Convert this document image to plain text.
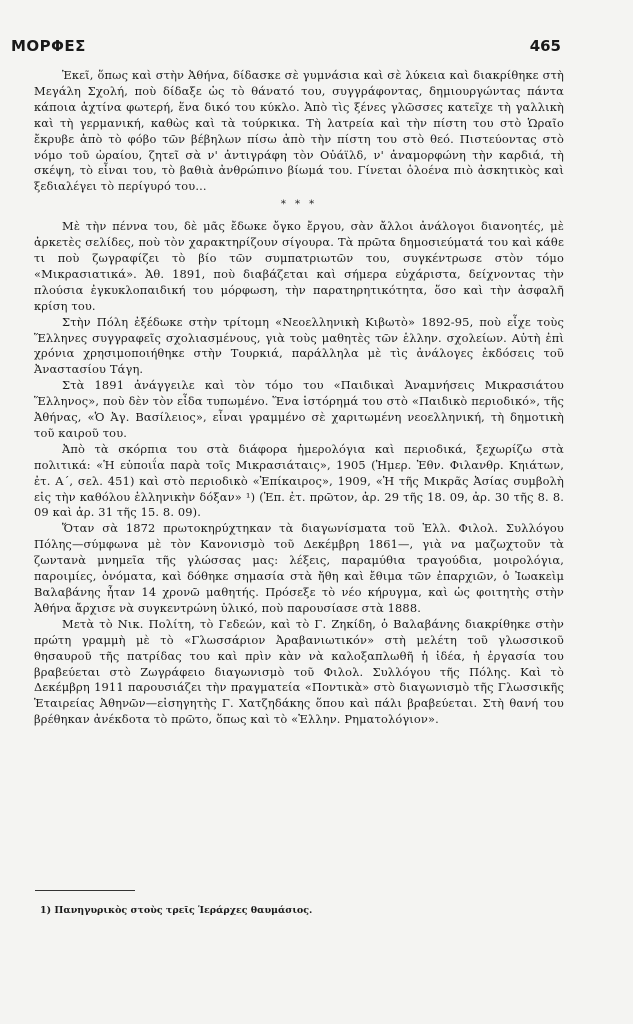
ΜΟΡΦΕΣ	465

Ἐκεῖ, ὅπως καὶ στὴν Ἀθήνα, δίδασκε σὲ γυμνάσια καὶ σὲ λύκεια καὶ διακρίθηκε στὴ Μεγάλη Σχολή, ποὺ δίδαξε ὡς τὸ θάνατό του, συγγράφοντας, δημιουργώντας πάντα κάποια ἀχτίνα φωτερή, ἕνα δικό του κύκλο. Ἀπὸ τὶς ξένες γλῶσσες κατεῖχε τὴ γαλλικὴ καὶ τὴ γερμανική, καθὼς καὶ τὰ τούρκικα. Τὴ λατρεία καὶ τὴν πίστη του στὸ Ὡραῖο ἔκρυβε ἀπὸ τὸ φόβο τῶν βέβηλων πίσω ἀπὸ τὴν πίστη του στὸ θεό. Πιστεύοντας στὸ νόμο τοῦ ὡραίου, ζητεῖ σὰ ν' ἀντιγράφη τὸν Οὐάϊλδ, ν' ἀναμορφώνη τὴν καρδιά, τὴ σκέψη, τὸ εἶναι του, τὸ βαθιὰ ἀνθρώπινο βίωμά του. Γίνεται ὁλοένα πιὸ ἀσκητικὸς καὶ ξεδιαλέγει τὸ περίγυρό του...

* * *

Μὲ τὴν πέννα του, δὲ μᾶς ἔδωκε ὄγκο ἔργου, σὰν ἄλλοι ἀνάλογοι διανοητές, μὲ ἀρκετὲς σελίδες, ποὺ τὸν χαρακτηρίζουν σίγουρα. Τὰ πρῶτα δημοσιεύματά του καὶ κάθε τι ποὺ ζωγραφίζει τὸ βίο τῶν συμπατριωτῶν του, συγκέντρωσε στὸν τόμο «Μικρασιατικά». Ἀθ. 1891, ποὺ διαβάζεται καὶ σήμερα εὐχάριστα, δείχνοντας τὴν πλούσια ἐγκυκλοπαιδική του μόρφωση, τὴν παρατηρητικότητα, ὅσο καὶ τὴν ἀσφαλῆ κρίση του.

Στὴν Πόλη ἐξέδωκε στὴν τρίτομη «Νεοελληνικὴ Κιβωτὸ» 1892-95, ποὺ εἶχε τοὺς Ἕλληνες συγγραφεῖς σχολιασμένους, γιὰ τοὺς μαθητὲς τῶν ἑλλην. σχολείων. Αὐτὴ ἐπὶ χρόνια χρησιμοποιήθηκε στὴν Τουρκιά, παράλληλα μὲ τὶς ἀνάλογες ἐκδόσεις τοῦ Ἀναστασίου Τάγη.

Στὰ 1891 ἀνάγγειλε καὶ τὸν τόμο του «Παιδικαὶ Ἀναμνήσεις Μικρασιάτου Ἕλληνος», ποὺ δὲν τὸν εἶδα τυπωμένο. Ἕνα ἱστόρημά του στὸ «Παιδικὸ περιοδικό», τῆς Ἀθήνας, «Ὁ Ἀγ. Βασίλειος», εἶναι γραμμένο σὲ χαριτωμένη νεοελληνική, τὴ δημοτικὴ τοῦ καιροῦ του.

Ἀπὸ τὰ σκόρπια του στὰ διάφορα ἡμερολόγια καὶ περιοδικά, ξεχωρίζω στὰ πολιτικά: «Ἡ εὐποιΐα παρὰ τοῖς Μικρασιάταις», 1905 (Ἡμερ. Ἐθν. Φιλανθρ. Κηιάτων, ἐτ. Α΄, σελ. 451) καὶ στὸ περιοδικὸ «Ἐπίκαιρος», 1909, «Ἡ τῆς Μικρᾶς Ἀσίας συμβολὴ εἰς τὴν καθόλου ἑλληνικὴν δόξαν» ¹) (Ἐπ. ἐτ. πρῶτον, ἀρ. 29 τῆς 18. 09, ἀρ. 30 τῆς 8. 8. 09 καὶ ἀρ. 31 τῆς 15. 8. 09).

Ὅταν σὰ 1872 πρωτοκηρύχτηκαν τὰ διαγωνίσματα τοῦ Ἑλλ. Φιλολ. Συλλόγου Πόλης—σύμφωνα μὲ τὸν Κανονισμὸ τοῦ Δεκέμβρη 1861—, γιὰ να μαζωχτοῦν τὰ ζωντανὰ μνημεῖα τῆς γλώσσας μας: λέξεις, παραμύθια τραγούδια, μοιρολόγια, παροιμίες, ὀνόματα, καὶ δόθηκε σημασία στὰ ἤθη καὶ ἔθιμα τῶν ἐπαρχιῶν, ὁ Ἰωακεὶμ Βαλαβάνης ἦταν 14 χρονῶ μαθητής. Πρόσεξε τὸ νέο κήρυγμα, καὶ ὡς φοιτητὴς στὴν Ἀθήνα ἄρχισε νὰ συγκεντρώνη ὑλικό, ποὺ παρουσίασε στὰ 1888.

Μετὰ τὸ Νικ. Πολίτη, τὸ Γεδεών, καὶ τὸ Γ. Ζηκίδη, ὁ Βαλαβάνης διακρίθηκε στὴν πρώτη γραμμὴ μὲ τὸ «Γλωσσάριον Ἀραβανιωτικόν» στὴ μελέτη τοῦ γλωσσικοῦ θησαυροῦ τῆς πατρίδας του καὶ πρὶν κὰν νὰ καλοξαπλωθῆ ἡ ἰδέα, ἡ ἐργασία του βραβεύεται στὸ Ζωγράφειο διαγωνισμὸ τοῦ Φιλολ. Συλλόγου τῆς Πόλης. Καὶ τὸ Δεκέμβρη 1911 παρουσιάζει τὴν πραγματεία «Ποντικὰ» στὸ διαγωνισμὸ τῆς Γλωσσικῆς Ἑταιρείας Ἀθηνῶν—εἰσηγητὴς Γ. Χατζηδάκης ὅπου καὶ πάλι βραβεύεται. Στὴ θανή του βρέθηκαν ἀνέκδοτα τὸ πρῶτο, ὅπως καὶ τὸ «Ἑλλην. Ρηματολόγιον».

1) Πανηγυρικὸς στοὺς τρεῖς Ἱεράρχες θαυμάσιος.
